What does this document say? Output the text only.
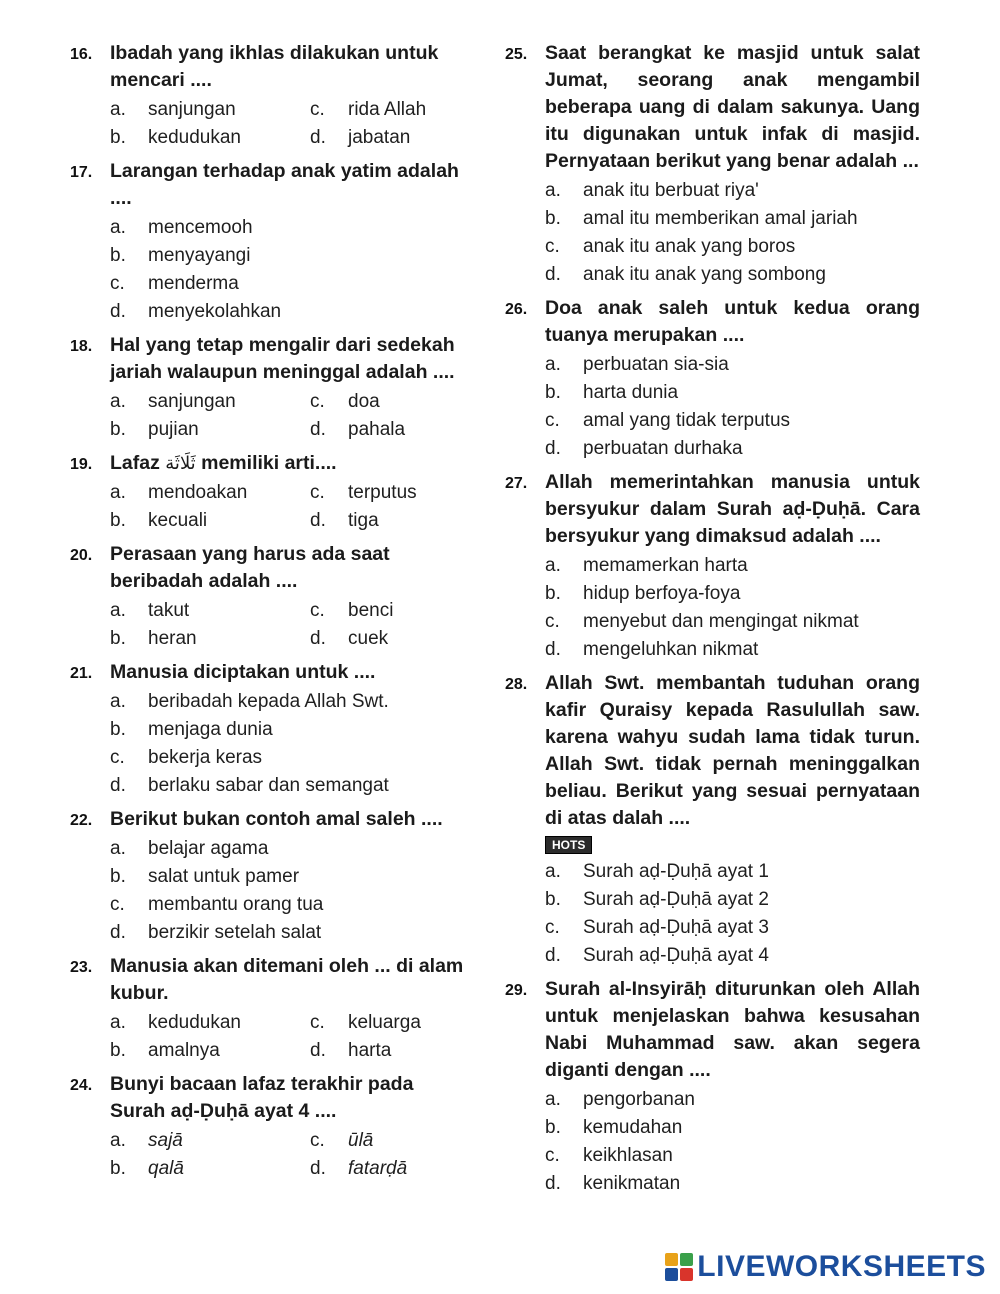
16. Ibadah yang ikhlas dilakukan untuk mencari ....

a.	sanjungan	c.	rida Allah
b.	kedudukan	d.	jabatan
17. Larangan terhadap anak yatim adalah ....

a.	mencemooh
b.	menyayangi
c.	menderma
d.	menyekolahkan
18. Hal yang tetap mengalir dari sedekah jariah walaupun meninggal adalah ....

a.	sanjungan	c.	doa
b.	pujian	d.	pahala
19. Lafaz ثَلَاثَة memiliki arti....

a.	mendoakan	c.	terputus
b.	kecuali	d.	tiga
20. Perasaan yang harus ada saat beribadah adalah ....

a.	takut	c.	benci
b.	heran	d.	cuek
21. Manusia diciptakan untuk ....

a.	beribadah kepada Allah Swt.
b.	menjaga dunia
c.	bekerja keras
d.	berlaku sabar dan semangat
22. Berikut bukan contoh amal saleh ....

a.	belajar agama
b.	salat untuk pamer
c.	membantu orang tua
d.	berzikir setelah salat
23. Manusia akan ditemani oleh ... di alam kubur.

a.	kedudukan	c.	keluarga
b.	amalnya	d.	harta
24. Bunyi bacaan lafaz terakhir pada Surah aḍ-Ḍuḥā ayat 4 ....

a.	sajā	c.	ūlā
b.	qalā	d.	fatarḍā
25. Saat berangkat ke masjid untuk salat Jumat, seorang anak mengambil beberapa uang di dalam sakunya. Uang itu digunakan untuk infak di masjid. Pernyataan berikut yang benar adalah ...

a.	anak itu berbuat riya'
b.	amal itu memberikan amal jariah
c.	anak itu anak yang boros
d.	anak itu anak yang sombong
26. Doa anak saleh untuk kedua orang tuanya merupakan ....

a.	perbuatan sia-sia
b.	harta dunia
c.	amal yang tidak terputus
d.	perbuatan durhaka
27. Allah memerintahkan manusia untuk bersyukur dalam Surah aḍ-Ḍuḥā. Cara bersyukur yang dimaksud adalah ....

a.	memamerkan harta
b.	hidup berfoya-foya
c.	menyebut dan mengingat nikmat
d.	mengeluhkan nikmat
28. Allah Swt. membantah tuduhan orang kafir Quraisy kepada Rasulullah saw. karena wahyu sudah lama tidak turun. Allah Swt. tidak pernah meninggalkan beliau. Berikut yang sesuai pernyataan di atas dalah ....

HOTS
a.	Surah aḍ-Ḍuḥā ayat 1
b.	Surah aḍ-Ḍuḥā ayat 2
c.	Surah aḍ-Ḍuḥā ayat 3
d.	Surah aḍ-Ḍuḥā ayat 4
29. Surah al-Insyirāḥ diturunkan oleh Allah untuk menjelaskan bahwa kesusahan Nabi Muhammad saw. akan segera diganti dengan ....

a.	pengorbanan
b.	kemudahan
c.	keikhlasan
d.	kenikmatan
LIVEWORKSHEETS
